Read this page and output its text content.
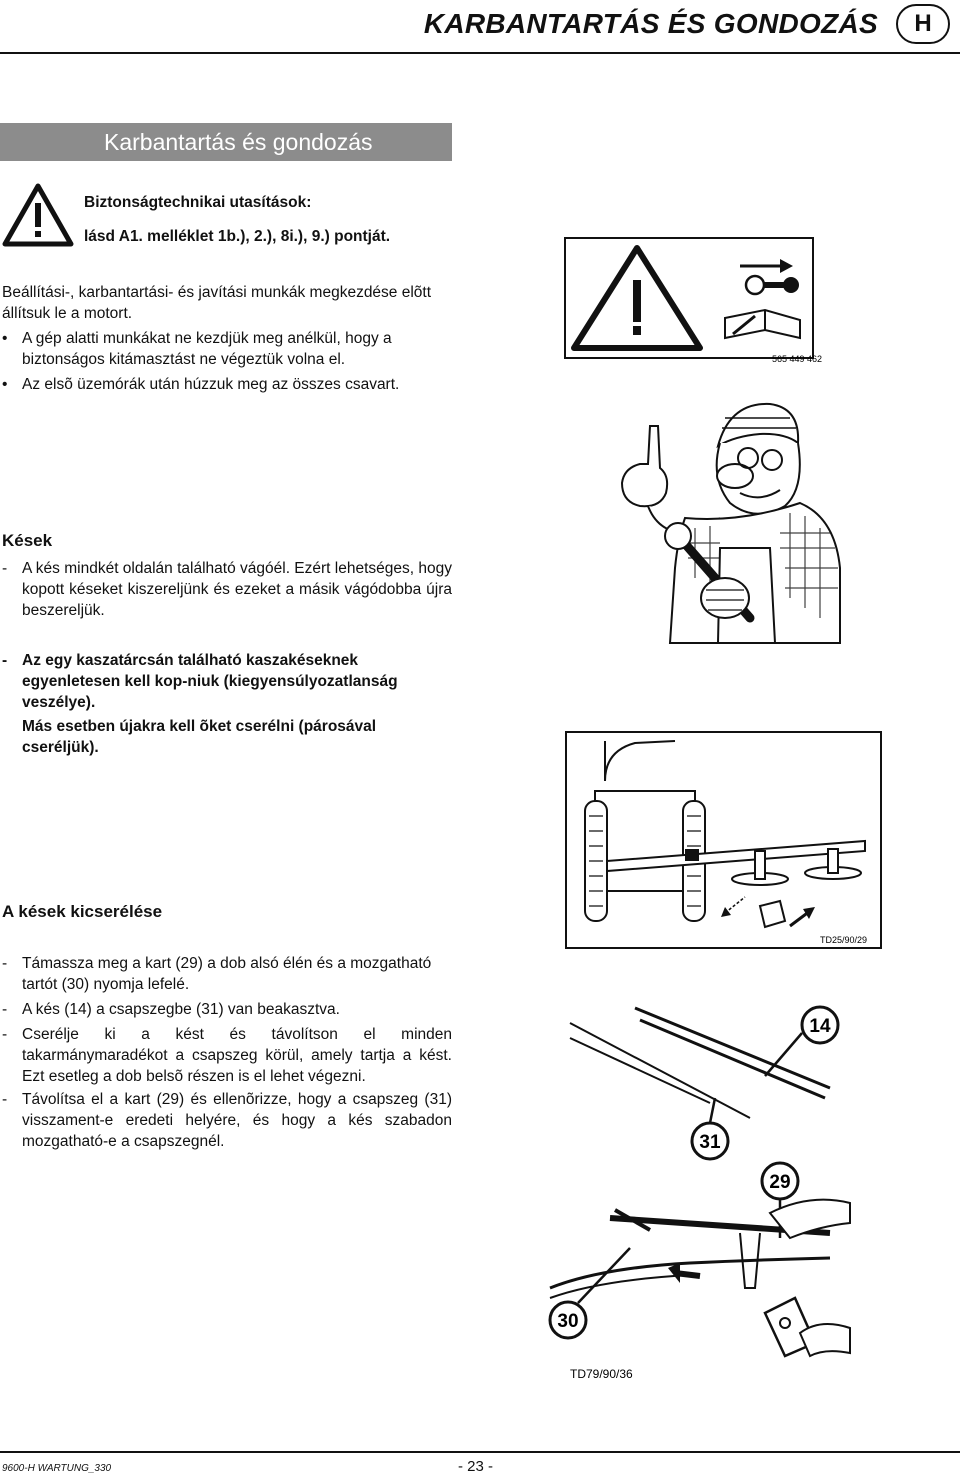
KARBANTARTÁS ÉS GONDOZÁS	H
Karbantartás és gondozás
Biztonságtechnikai utasítások:
lásd A1. melléklet 1b.), 2.), 8i.), 9.) pontját.
Beállítási-, karbantartási- és javítási munkák megkezdése elõtt állítsuk le a motort.
• A gép alatti munkákat ne kezdjük meg anélkül, hogy a biztonságos kitámasztást ne végeztük volna el.
• Az elsõ üzemórák után húzzuk meg az összes csavart.
Kések
- A kés mindkét oldalán található vágóél. Ezért lehetséges, hogy kopott késeket kiszereljünk és ezeket a másik vágódobba újra beszereljük.
- Az egy kaszatárcsán található kaszakéseknek egyenletesen kell kop-niuk (kiegyensúlyozatlanság veszélye).
Más esetben újakra kell õket cserélni (párosával cseréljük).
A kések kicserélése
- Támassza meg a kart (29) a dob alsó élén és a mozgatható tartót (30) nyomja lefelé.
- A kés (14) a csapszegbe (31) van beakasztva.
- Cserélje ki a kést és távolítson el minden takarmánymaradékot a csapszeg körül, amely tartja a kést. Ezt esetleg a dob belsõ részen is el lehet végezni.
- Távolítsa el a kart (29) és ellenõrizze, hogy a csapszeg (31) visszament-e eredeti helyére, és hogy a kés szabadon mozgatható-e a csapszegnél.
565 449 462
TD25/90/29
14
31
29
30
TD79/90/36
9600-H WARTUNG_330	- 23 -
